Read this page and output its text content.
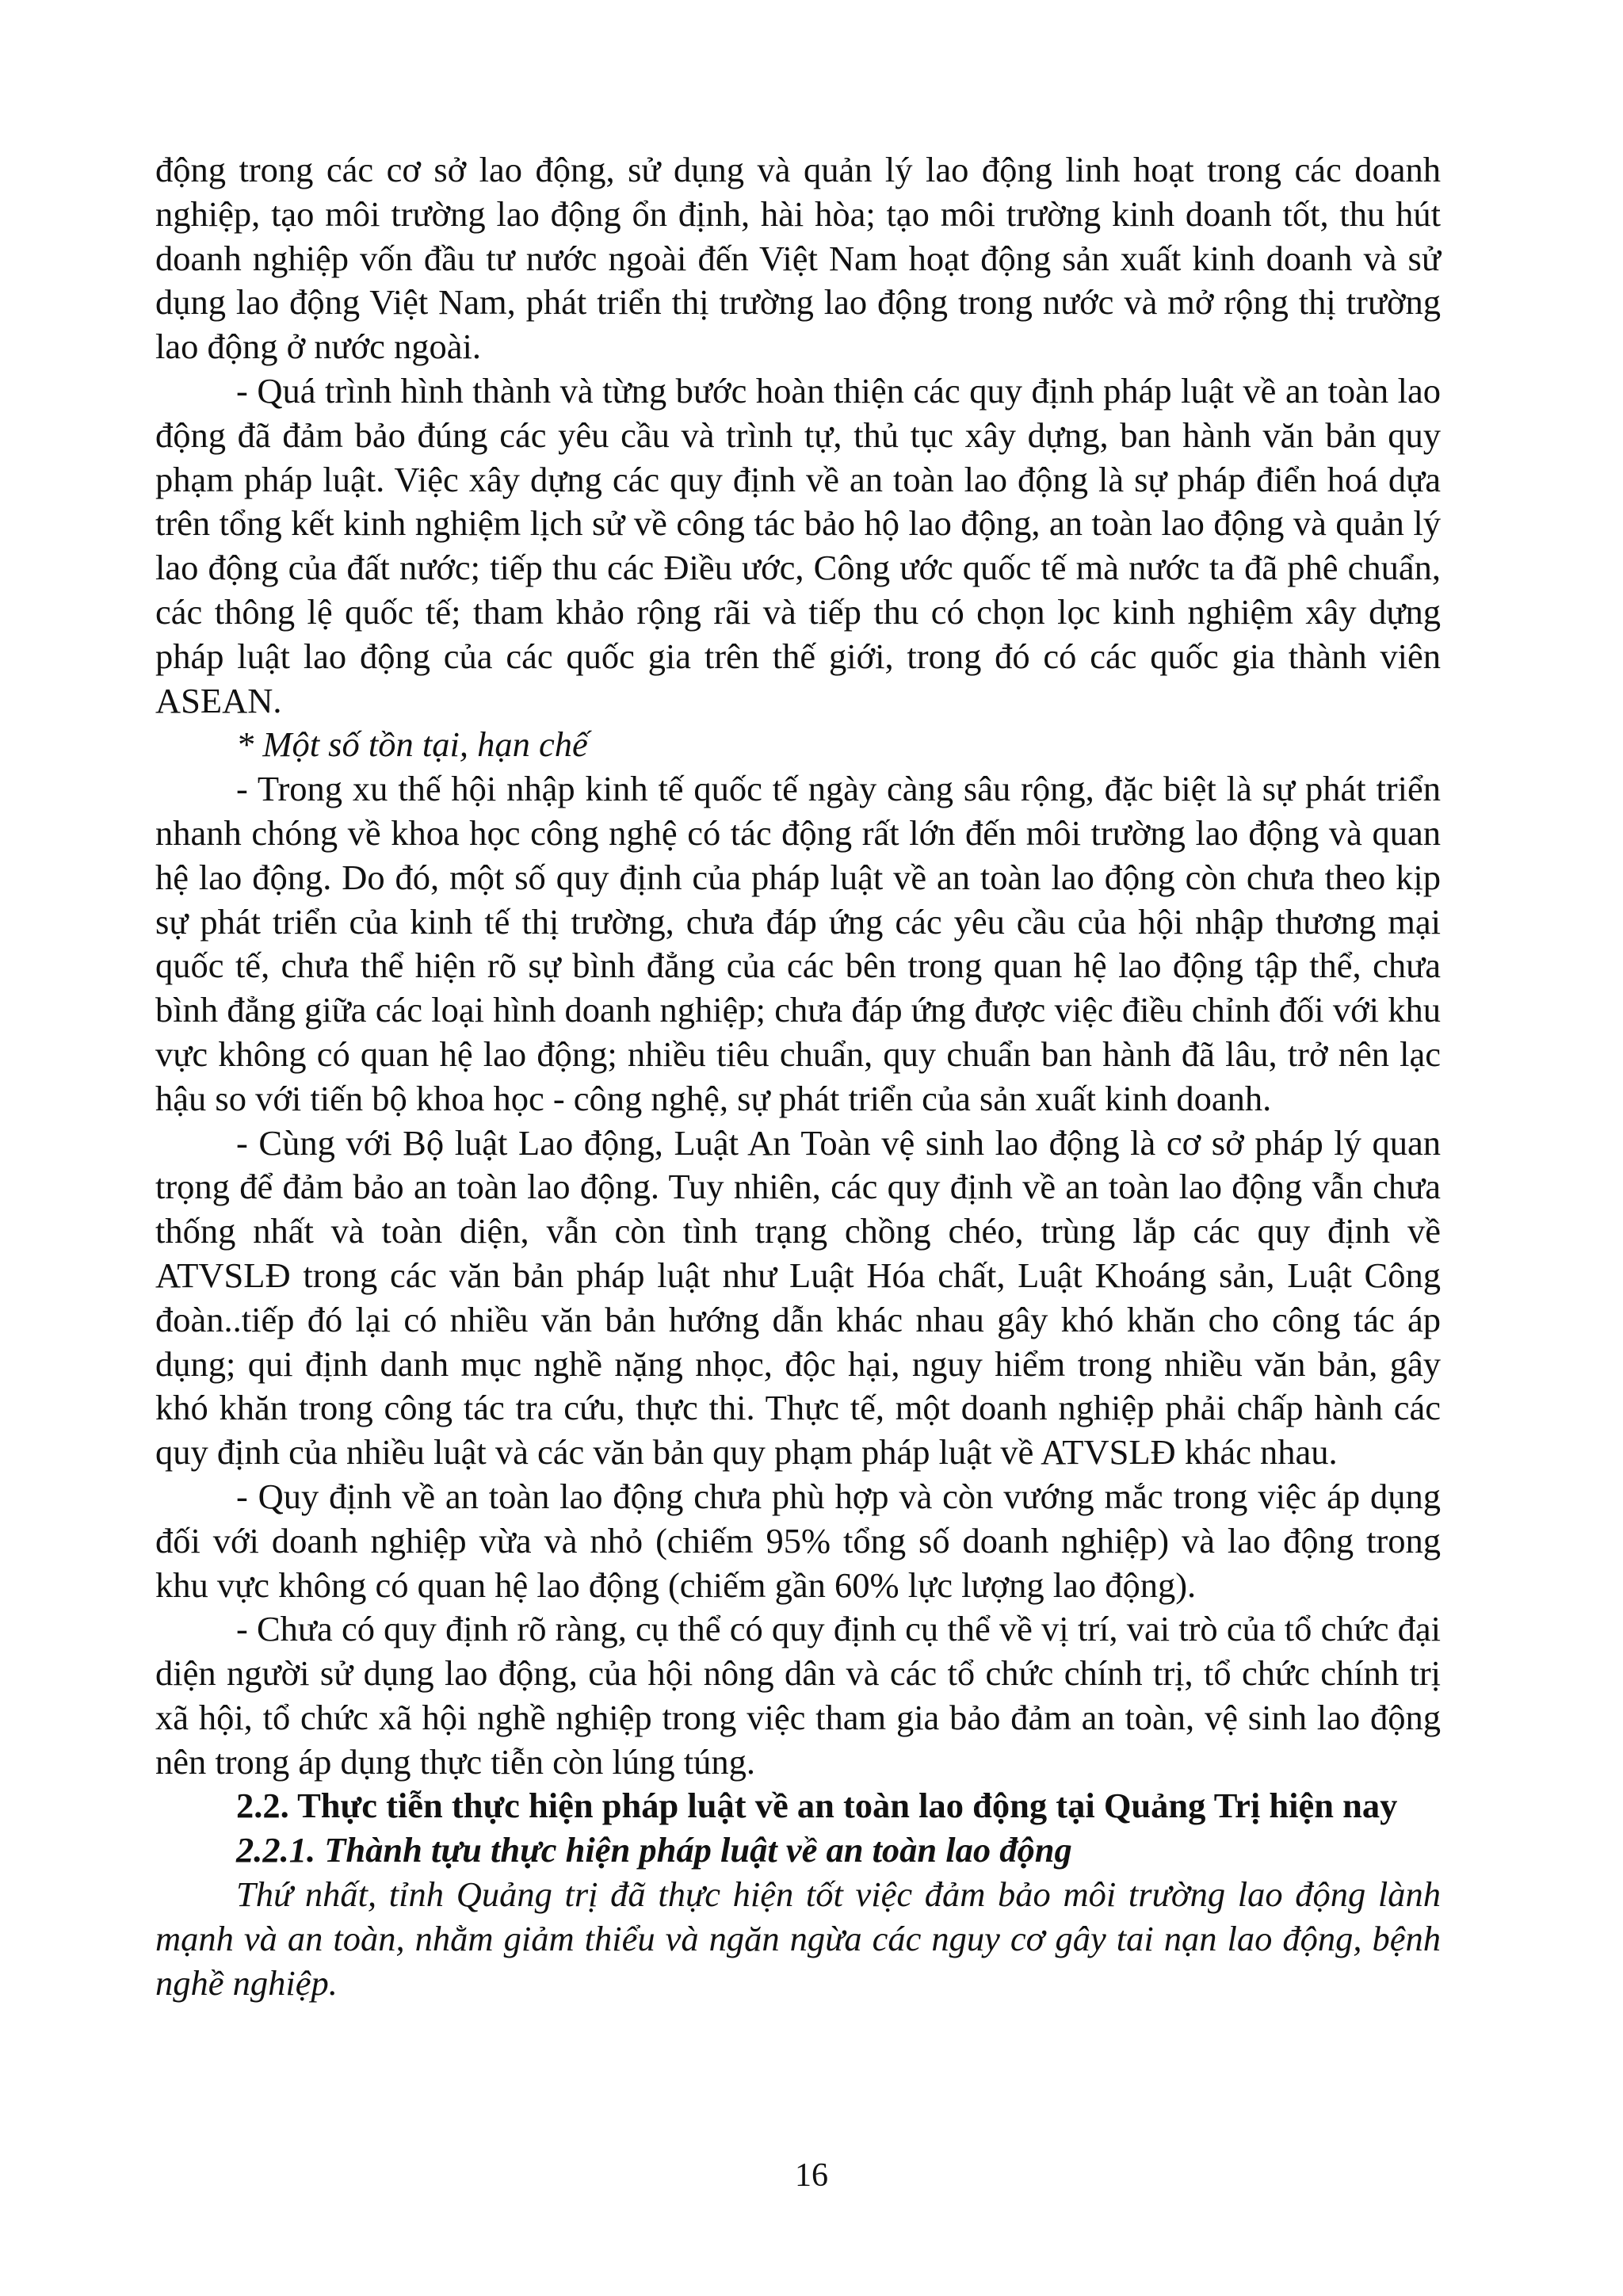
động trong các cơ sở lao động, sử dụng và quản lý lao động linh hoạt trong các doanh nghiệp, tạo môi trường lao động ổn định, hài hòa; tạo môi trường kinh doanh tốt, thu hút doanh nghiệp vốn đầu tư nước ngoài đến Việt Nam hoạt động sản xuất kinh doanh và sử dụng lao động Việt Nam, phát triển thị trường lao động trong nước và mở rộng thị trường lao động ở nước ngoài.

- Quá trình hình thành và từng bước hoàn thiện các quy định pháp luật về an toàn lao động đã đảm bảo đúng các yêu cầu và trình tự, thủ tục xây dựng, ban hành văn bản quy phạm pháp luật. Việc xây dựng các quy định về an toàn lao động là sự pháp điển hoá dựa trên tổng kết kinh nghiệm lịch sử về công tác bảo hộ lao động, an toàn lao động và quản lý lao động của đất nước; tiếp thu các Điều ước, Công ước quốc tế mà nước ta đã phê chuẩn, các thông lệ quốc tế; tham khảo rộng rãi và tiếp thu có chọn lọc kinh nghiệm xây dựng pháp luật lao động của các quốc gia trên thế giới, trong đó có các quốc gia thành viên ASEAN.

* Một số tồn tại, hạn chế

- Trong xu thế hội nhập kinh tế quốc tế ngày càng sâu rộng, đặc biệt là sự phát triển nhanh chóng về khoa học công nghệ có tác động rất lớn đến môi trường lao động và quan hệ lao động. Do đó, một số quy định của pháp luật về an toàn lao động còn chưa theo kịp sự phát triển của kinh tế thị trường, chưa đáp ứng các yêu cầu của hội nhập thương mại quốc tế, chưa thể hiện rõ sự bình đẳng của các bên trong quan hệ lao động tập thể, chưa bình đẳng giữa các loại hình doanh nghiệp; chưa đáp ứng được việc điều chỉnh đối với khu vực không có quan hệ lao động; nhiều tiêu chuẩn, quy chuẩn ban hành đã lâu, trở nên lạc hậu so với tiến bộ khoa học - công nghệ, sự phát triển của sản xuất kinh doanh.

- Cùng với Bộ luật Lao động, Luật An Toàn vệ sinh lao động là cơ sở pháp lý quan trọng để đảm bảo an toàn lao động. Tuy nhiên, các quy định về an toàn lao động vẫn chưa thống nhất và toàn diện, vẫn còn tình trạng chồng chéo, trùng lắp các quy định về ATVSLĐ trong các văn bản pháp luật như Luật Hóa chất, Luật Khoáng sản, Luật Công đoàn..tiếp đó lại có nhiều văn bản hướng dẫn khác nhau gây khó khăn cho công tác áp dụng; qui định danh mục nghề nặng nhọc, độc hại, nguy hiểm trong nhiều văn bản, gây khó khăn trong công tác tra cứu, thực thi. Thực tế, một doanh nghiệp phải chấp hành các quy định của nhiều luật và các văn bản quy phạm pháp luật về ATVSLĐ khác nhau.

- Quy định về an toàn lao động chưa phù hợp và còn vướng mắc trong việc áp dụng đối với doanh nghiệp vừa và nhỏ (chiếm 95% tổng số doanh nghiệp) và lao động trong khu vực không có quan hệ lao động (chiếm gần 60% lực lượng lao động).

- Chưa có quy định rõ ràng, cụ thể có quy định cụ thể về vị trí, vai trò của tổ chức đại diện người sử dụng lao động, của hội nông dân và các tổ chức chính trị, tổ chức chính trị xã hội, tổ chức xã hội nghề nghiệp trong việc tham gia bảo đảm an toàn, vệ sinh lao động nên trong áp dụng thực tiễn còn lúng túng.

2.2. Thực tiễn thực hiện pháp luật về an toàn lao động tại Quảng Trị hiện nay

2.2.1. Thành tựu thực hiện pháp luật về an toàn lao động

Thứ nhất, tỉnh Quảng trị đã thực hiện tốt việc đảm bảo môi trường lao động lành mạnh và an toàn, nhằm giảm thiểu và ngăn ngừa các nguy cơ gây tai nạn lao động, bệnh nghề nghiệp.

16
